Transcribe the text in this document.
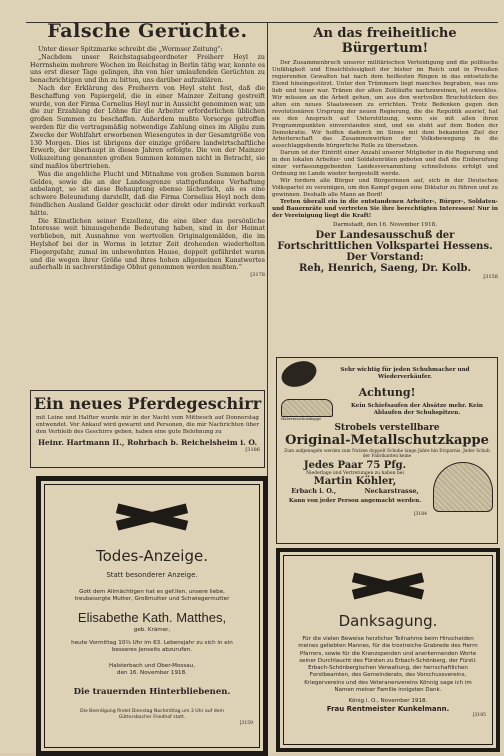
Falsche Gerüchte.

Unter dieser Spitzmarke schreibt die „Wormser Zeitung“:

„Nachdem unser Reichstagsabgeordneter Freiherr Heyl zu Herrnsheim mehrere Wochen im Reichstag in Berlin tätig war, konnte es uns erst dieser Tage gelingen, ihn von hier umlaufenden Gerüchten zu benachrichtigen und ihn zu bitten, uns darüber aufzuklären.

Nach der Erklärung des Freiherrn von Heyl steht fest, daß die Beschaffung von Papiergeld, die in einer Mainzer Zeitung gestreift wurde, von der Firma Cornelius Heyl nur in Aussicht genommen war, um die zur Erzahlung der Löhne für die Arbeiter erforderlichen üblichen großen Summen zu beschaffen. Außerdem mußte Vorsorge getroffen werden für die vertragsmäßig notwendige Zahlung eines im Allgäu zum Zwecke der Wohlfahrt erworbenen Wiesengutes in der Gesamtgröße von 130 Morgen. Dies ist übrigens der einzige größere landwirtschaftliche Erwerb, der überhaupt in diesen Jahren erfolgte. Die von der Mainzer Volkszeitung genannten großen Summen kommen nicht in Betracht, sie sind maßlos übertrieben.

Was die angebliche Flucht und Mitnahme von großen Summen baren Geldes, sowie die an der Landesgrenze stattgefundene Verhaftung anbelangt, so ist diese Behauptung ebenso lächerlich, als es eine schwere Beleumdung darstellt, daß die Firma Cornelius Heyl noch dem feindlichen Ausland Gelder geschickt oder direkt oder indirekt verkauft hätte.

Die Künstlichen seiner Exzellenz, die eine über das persönliche Interesse weit hinausgehende Bedeutung haben, sind in der Heimat verblieben, mit Ausnahme von wertvollen Originalgemälden, die im Heylshof bei der in Worms in letzter Zeit drohenden wiederholten Fliegergefahr, zumal im unbewohnten Hause, doppelt gefährdet waren und die wegen ihrer Größe und ihres hohen allgemeinen Kunstwertes außerhalb in sachverständige Obhut genommen werden mußten.“

[3178
Ein neues Pferdegeschirr
mit Leine und Halfter wurde mir in der Nacht vom Mittwoch auf Donnerstag entwendet. Vor Ankauf wird gewarnt und Personen, die mir Nachrichten über den Verbleib des Geschirrs geben, haben eine gute Belohnung zu
Heinr. Hartmann II., Rohrbach b. Reichelsheim i. O.
[3186
Todes-Anzeige.
Statt besonderer Anzeige.
Gott dem Allmächtigen hat es gef.llen, unsere liebe, treubesorgte Mutter, Großmutter und Schwiegermutter
Elisabethe Kath. Matthes,
geb. Krämer,
heute Vormittag 10¾ Uhr im 63. Lebensjahr zu sich in ein besseres Jenseits abzurufen.
Halsterbach und Ober-Mossau,
den 16. November 1918.
Die trauernden Hinterbliebenen.
Die Beerdigung findet Dienstag Nachmittag um 3 Uhr auf dem Güttersbacher Friedhof statt.
[3159
An das freiheitliche Bürgertum!

Der Zusammenbruch unserer militärischen Verteidigung und die politische Unfähigkeit und Einsichtslosigkeit der bisher im Reich und in Preußen regierenden Gewalten hat nach dem heißesten Ringen in das entsetzliche Elend hineingestürzt. Unter den Trümmern liegt manches begraben, was uns lieb und teuer war. Tränen der alten Zeitläufte nachzuweinen, ist zwecklos. Wir müssen an die Arbeit gehen, um aus den wertvollen Bruchstücken des alten ein neues Staatswesen zu errichten. Trotz Bedenken gegen den revolutionären Ursprung der neuen Regierung, die die Republik ausrief, hat sie den Anspruch auf Unterstützung, wenn sie mit allen ihren Programmpunkten einverstanden sind, und sie steht auf dem Boden der Demokratie. Wir hoffen dadurch im Sinne mit dem bekannten Ziel der Arbeiterschaft das Zusammenwirken der Volksbewegung in die ausschlaggebende bürgerliche Rolle zu übersetzen.

Darum ist der Eintritt einer Anzahl unserer Mitglieder in die Regierung und in den lokalen Arbeiter- und Soldatenräten geboten und daß die Einberufung einer verfassunggebenden Landesversammlung schnellstens erfolgt und Ordnung im Lande wieder hergestellt werde.

Wir fordern alle Bürger und Bürgerinnen auf, sich in der Deutschen Volkspartei zu vereinigen, um den Kampf gegen eine Diktatur zu führen und zu gewinnen. Deshalb alle Mann an Bord!

Treten überall ein in die entstandenen Arbeiter-, Bürger-, Soldaten- und Bauernräte und vertreten Sie ihre berechtigten Interessen! Nur in der Vereinigung liegt die Kraft!

Darmstadt, den 16. November 1918.
Der Landesausschuß der
Fortschrittlichen Volkspartei Hessens.
Der Vorstand:
Reh, Henrich, Saeng, Dr. Kolb.
[3158
Sehr wichtig für jeden Schuhmacher und Wiederverkäufer.
Achtung!
Hubertusschutzkappe
Kein Schiefsaufen der Absätze mehr. Kein Ablaufen der Schuhspitzen.
Strobels verstellbare
Original-Metallschutzkappe
Zum aufgenageln werden zum Nutzen doppelt Schuhe lange Jahre hin Ersparnis. Jeder Schuh der Fabrikanten keine
Jedes Paar 75 Pfg.
Niederlage und Vertretungen zu haben bei
Martin Köhler,
Erbach i. O.,	Neckarstrasse,
Kann von jeder Person angemacht werden.
[3184
Danksagung.
Für die vielen Beweise herzlicher Teilnahme beim Hinscheiden meines geliebten Mannes, für die trostreiche Grabrede des Herrn Pfarrers, sowie für die Kranzspenden und anerkennenden Worte seiner Durchlaucht des Fürsten zu Erbach-Schönberg, der Fürstl. Erbach-Schönbergischen Verwaltung, der herrschaftlichen Forstbeamten, des Gemeinderats, des Vorschussvereins, Kriegervereins und des Veteranenvereins Könnig sage ich im Namen meiner Familie innigsten Dank.
König i. O., November 1918.
Frau Rentmeister Kunkelmann.
[3185
